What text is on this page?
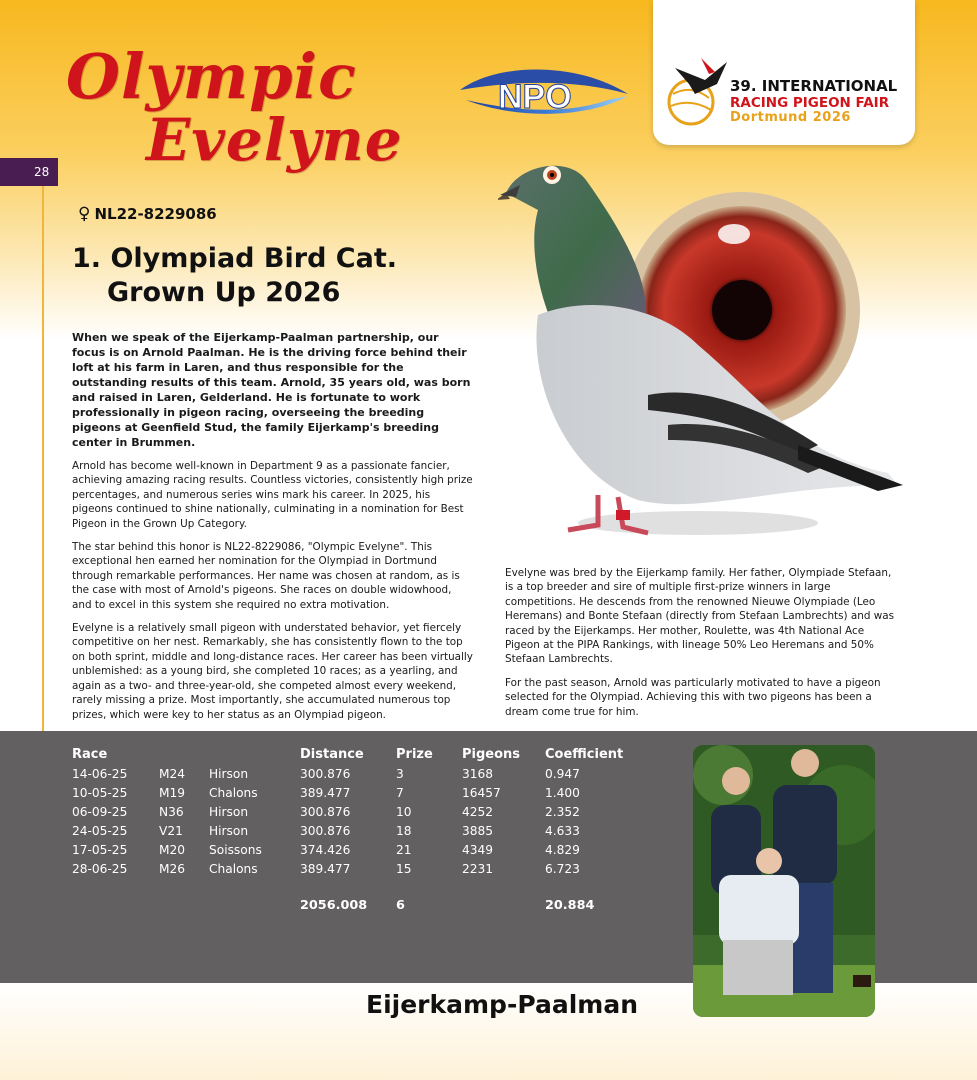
Olympic
Evelyne
28
♀ NL22-8229086
1. Olympiad Bird Cat.
Grown Up 2026
NPO	39. INTERNATIONAL
RACING PIGEON FAIR
Dortmund 2026

When we speak of the Eijerkamp-Paalman partnership, our focus is on Arnold Paalman. He is the driving force behind their loft at his farm in Laren, and thus responsible for the outstanding results of this team. Arnold, 35 years old, was born and raised in Laren, Gelderland. He is fortunate to work professionally in pigeon racing, overseeing the breeding pigeons at Geenfield Stud, the family Eijerkamp's breeding center in Brummen.

Arnold has become well-known in Department 9 as a passionate fancier, achieving amazing racing results. Countless victories, consistently high prize percentages, and numerous series wins mark his career. In 2025, his pigeons continued to shine nationally, culminating in a nomination for Best Pigeon in the Grown Up Category.

The star behind this honor is NL22-8229086, "Olympic Evelyne". This exceptional hen earned her nomination for the Olympiad in Dortmund through remarkable performances. Her name was chosen at random, as is the case with most of Arnold's pigeons. She races on double widowhood, and to excel in this system she required no extra motivation.

Evelyne is a relatively small pigeon with understated behavior, yet fiercely competitive on her nest. Remarkably, she has consistently flown to the top on both sprint, middle and long-distance races. Her career has been virtually unblemished: as a young bird, she completed 10 races; as a yearling, and again as a two- and three-year-old, she competed almost every weekend, rarely missing a prize. Most importantly, she accumulated numerous top prizes, which were key to her status as an Olympiad pigeon.

Evelyne was bred by the Eijerkamp family. Her father, Olympiade Stefaan, is a top breeder and sire of multiple first-prize winners in large competitions. He descends from the renowned Nieuwe Olympiade (Leo Heremans) and Bonte Stefaan (directly from Stefaan Lambrechts) and was raced by the Eijerkamps. Her mother, Roulette, was 4th National Ace Pigeon at the PIPA Rankings, with lineage 50% Leo Heremans and 50% Stefaan Lambrechts.

For the past season, Arnold was particularly motivated to have a pigeon selected for the Olympiad. Achieving this with two pigeons has been a dream come true for him.

Race			Distance	Prize	Pigeons	Coefficient
14-06-25	M24	Hirson	300.876	3	3168	0.947
10-05-25	M19	Chalons	389.477	7	16457	1.400
06-09-25	N36	Hirson	300.876	10	4252	2.352
24-05-25	V21	Hirson	300.876	18	3885	4.633
17-05-25	M20	Soissons	374.426	21	4349	4.829
28-06-25	M26	Chalons	389.477	15	2231	6.723
			2056.008	6		20.884
Eijerkamp-Paalman
